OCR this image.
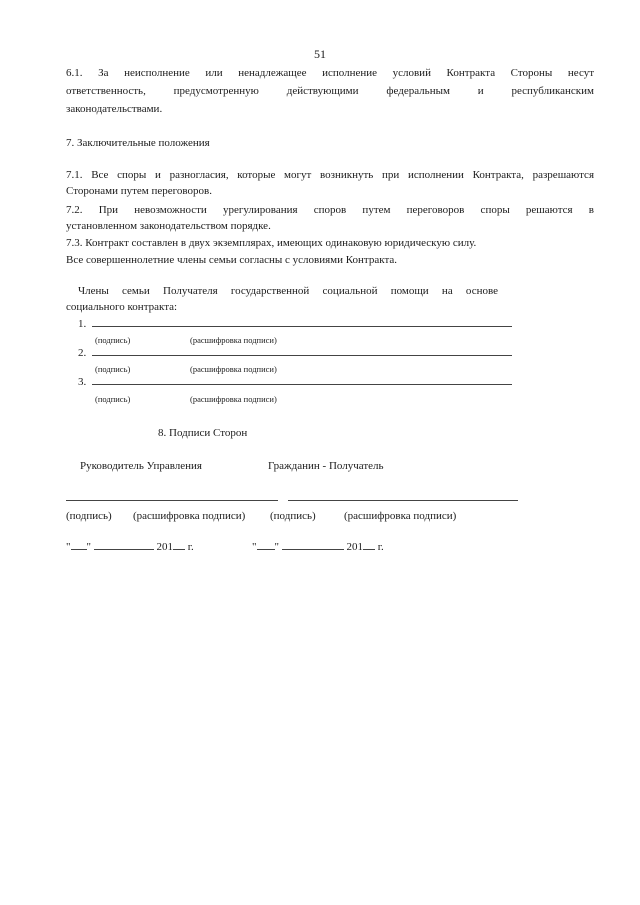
51
6.1. За неисполнение или ненадлежащее исполнение условий Контракта Стороны несут
ответственность, предусмотренную действующими федеральным и республиканским
законодательствами.
7. Заключительные положения
7.1. Все споры и разногласия, которые могут возникнуть при исполнении Контракта, разрешаются
Сторонами путем переговоров.
7.2. При невозможности урегулирования споров путем переговоров споры решаются в
установленном законодательством порядке.
7.3. Контракт составлен в двух экземплярах, имеющих одинаковую юридическую силу.
Все совершеннолетние члены семьи согласны с условиями Контракта.
Члены семьи Получателя государственной социальной помощи на основе
социального контракта:
1.
(подпись)	(расшифровка подписи)
2.
(подпись)	(расшифровка подписи)
3.
(подпись)	(расшифровка подписи)
8. Подписи Сторон
Руководитель Управления	Гражданин - Получатель
(подпись) (расшифровка подписи) (подпись)	(расшифровка подписи)
" "	201 г.	" "	201 г.
